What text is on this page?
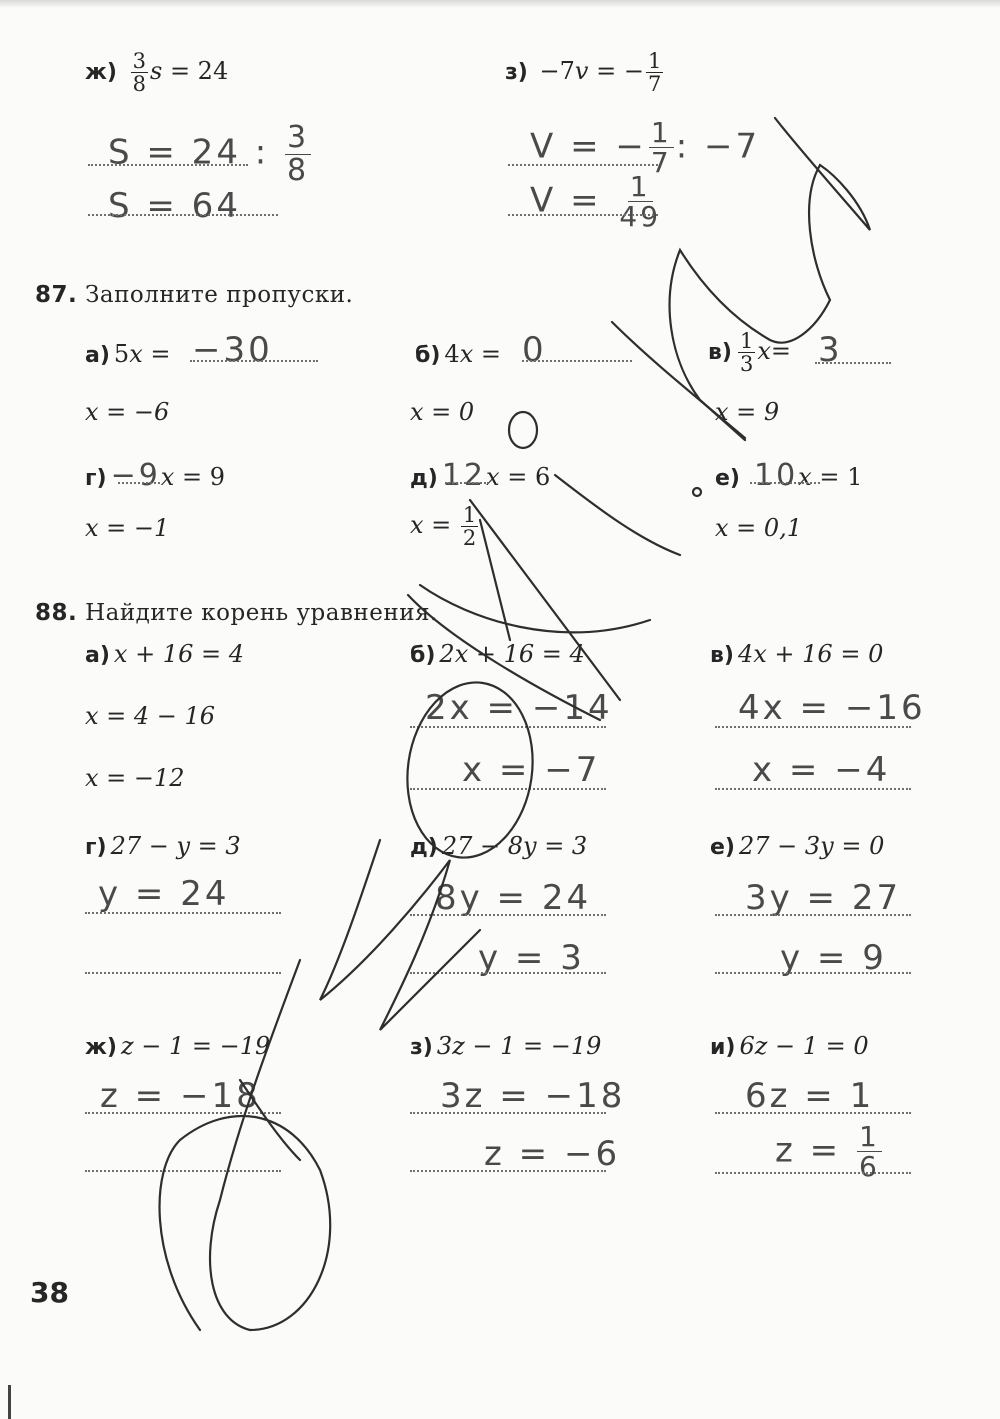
$ж) \frac{3}{8}$ s = 24
S = 24 : $\frac{3}{8}$
S = 64
з) −7v = − $\frac{1}{7}$
V = − $\frac{1}{7}$ : −7
$V = \frac{1}{49}$
87. Заполните пропуски.
а) 5x = −30
x = −6
б) 4x = 0
x = 0
$в) \frac{1}{3} x= 3$
x = 9
г) −9x = 9
x = −1
д) 12x = 6
$x = \frac{1}{2}$
е) 10x = 1
x = 0,1
88. Найдите корень уравнения.
а) x + 16 = 4
x = 4 − 16
x = −12
б) 2x + 16 = 4
2x = −14
x = −7
в) 4x + 16 = 0
4x = −16
x = −4
г) 27 − y = 3
y = 24
д) 27 − 8y = 3
8y = 24
y = 3
е) 27 − 3y = 0
3y = 27
y = 9
ж) z − 1 = −19
z = −18
з) 3z − 1 = −19
3z = −18
z = −6
и) 6z − 1 = 0
6z = 1
$z = \frac{1}{6}$
38
